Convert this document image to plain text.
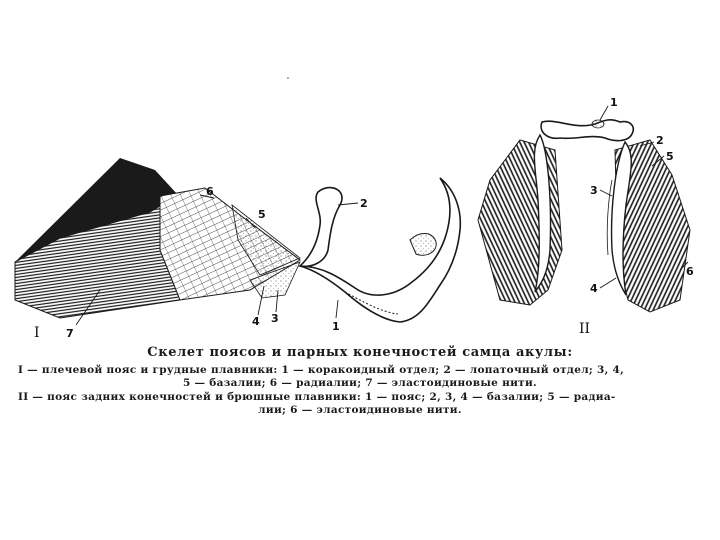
6
5
2
4 3
1
7
I
1
2
5
3
4
6
II
Скелет поясов и парных конечностей самца акулы:
I — плечевой пояс и грудные плавники: 1 — коракоидный отдел; 2 — лопаточный отдел; 3, 4,
5 — базалии; 6 — радиалии; 7 — эластоидиновые нити.
II — пояс задних конечностей и брюшные плавники: 1 — пояс; 2, 3, 4 — базалии; 5 — радиа-
лии; 6 — эластоидиновые нити.
